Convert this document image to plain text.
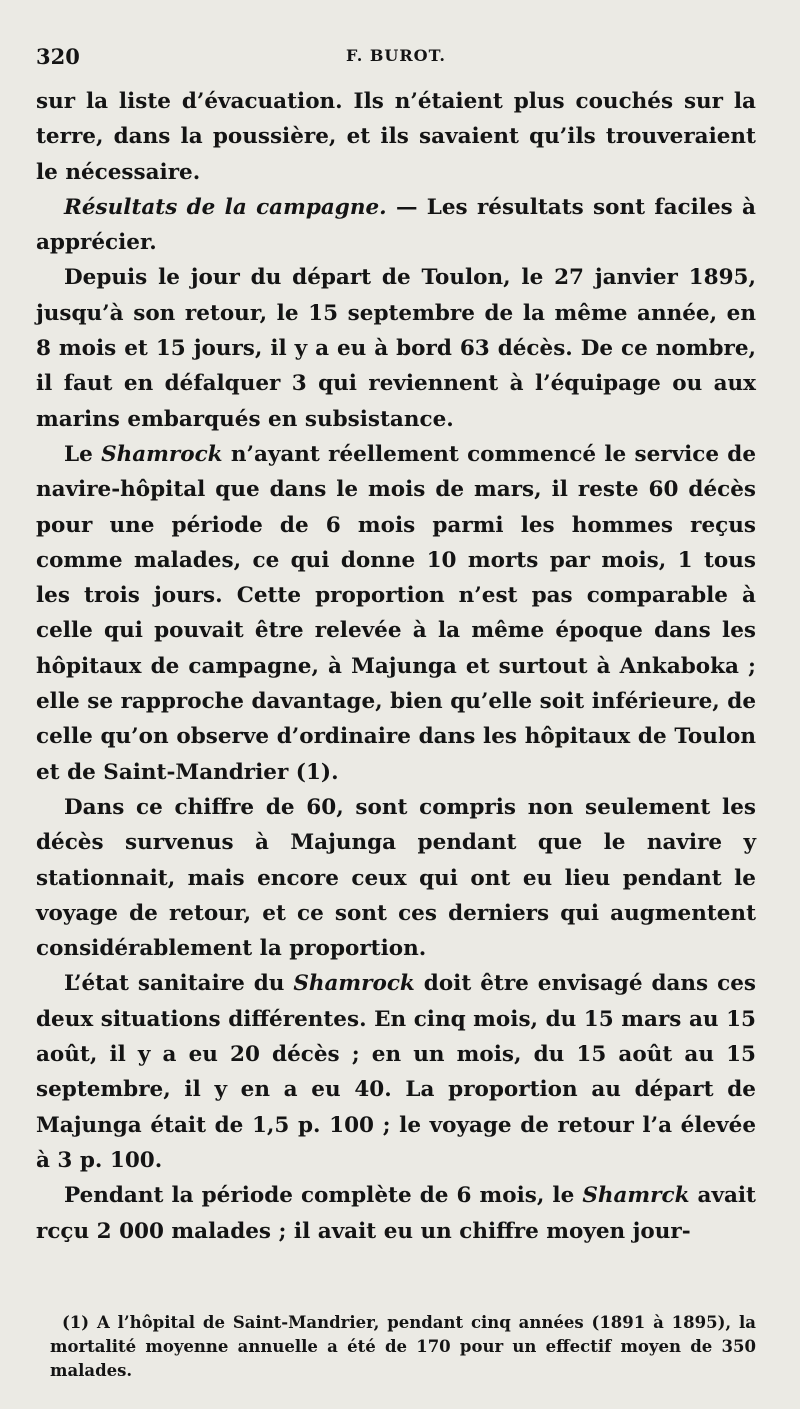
320	F. BUROT.

sur la liste d’évacuation. Ils n’étaient plus couchés sur la terre, dans la poussière, et ils savaient qu’ils trouveraient le nécessaire.

Résultats de la campagne. — Les résultats sont faciles à apprécier.

Depuis le jour du départ de Toulon, le 27 janvier 1895, jusqu’à son retour, le 15 septembre de la même année, en 8 mois et 15 jours, il y a eu à bord 63 décès. De ce nombre, il faut en défalquer 3 qui reviennent à l’équipage ou aux marins embarqués en subsistance.

Le Shamrock n’ayant réellement commencé le service de navire-hôpital que dans le mois de mars, il reste 60 décès pour une période de 6 mois parmi les hommes reçus comme malades, ce qui donne 10 morts par mois, 1 tous les trois jours. Cette proportion n’est pas comparable à celle qui pouvait être relevée à la même époque dans les hôpitaux de campagne, à Majunga et surtout à Ankaboka ; elle se rapproche davantage, bien qu’elle soit inférieure, de celle qu’on observe d’ordinaire dans les hôpitaux de Toulon et de Saint-Mandrier (1).

Dans ce chiffre de 60, sont compris non seulement les décès survenus à Majunga pendant que le navire y stationnait, mais encore ceux qui ont eu lieu pendant le voyage de retour, et ce sont ces derniers qui augmentent considérablement la proportion.

L’état sanitaire du Shamrock doit être envisagé dans ces deux situations différentes. En cinq mois, du 15 mars au 15 août, il y a eu 20 décès ; en un mois, du 15 août au 15 septembre, il y en a eu 40. La proportion au départ de Majunga était de 1,5 p. 100 ; le voyage de retour l’a élevée à 3 p. 100.

Pendant la période complète de 6 mois, le Shamrck avait rcçu 2 000 malades ; il avait eu un chiffre moyen jour-

(1) A l’hôpital de Saint-Mandrier, pendant cinq années (1891 à 1895), la mortalité moyenne annuelle a été de 170 pour un effectif moyen de 350 malades.
